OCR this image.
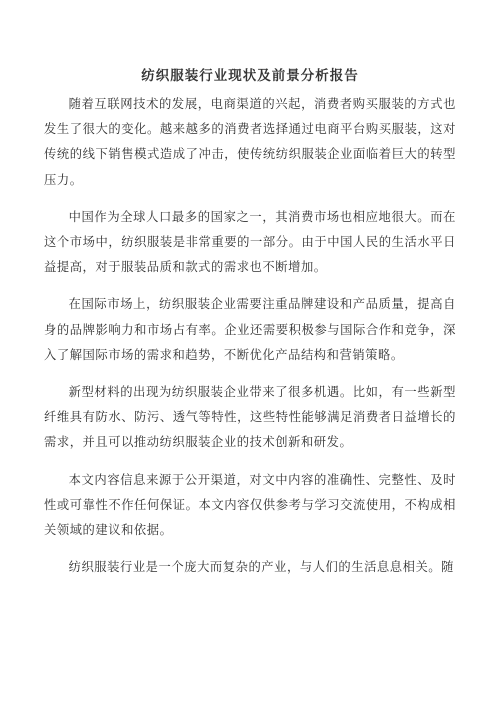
纺织服装行业现状及前景分析报告

随着互联网技术的发展，电商渠道的兴起，消费者购买服装的方式也发生了很大的变化。越来越多的消费者选择通过电商平台购买服装，这对传统的线下销售模式造成了冲击，使传统纺织服装企业面临着巨大的转型压力。

中国作为全球人口最多的国家之一，其消费市场也相应地很大。而在这个市场中，纺织服装是非常重要的一部分。由于中国人民的生活水平日益提高，对于服装品质和款式的需求也不断增加。

在国际市场上，纺织服装企业需要注重品牌建设和产品质量，提高自身的品牌影响力和市场占有率。企业还需要积极参与国际合作和竞争，深入了解国际市场的需求和趋势，不断优化产品结构和营销策略。

新型材料的出现为纺织服装企业带来了很多机遇。比如，有一些新型纤维具有防水、防污、透气等特性，这些特性能够满足消费者日益增长的需求，并且可以推动纺织服装企业的技术创新和研发。

本文内容信息来源于公开渠道，对文中内容的准确性、完整性、及时性或可靠性不作任何保证。本文内容仅供参考与学习交流使用，不构成相关领域的建议和依据。

纺织服装行业是一个庞大而复杂的产业，与人们的生活息息相关。随
